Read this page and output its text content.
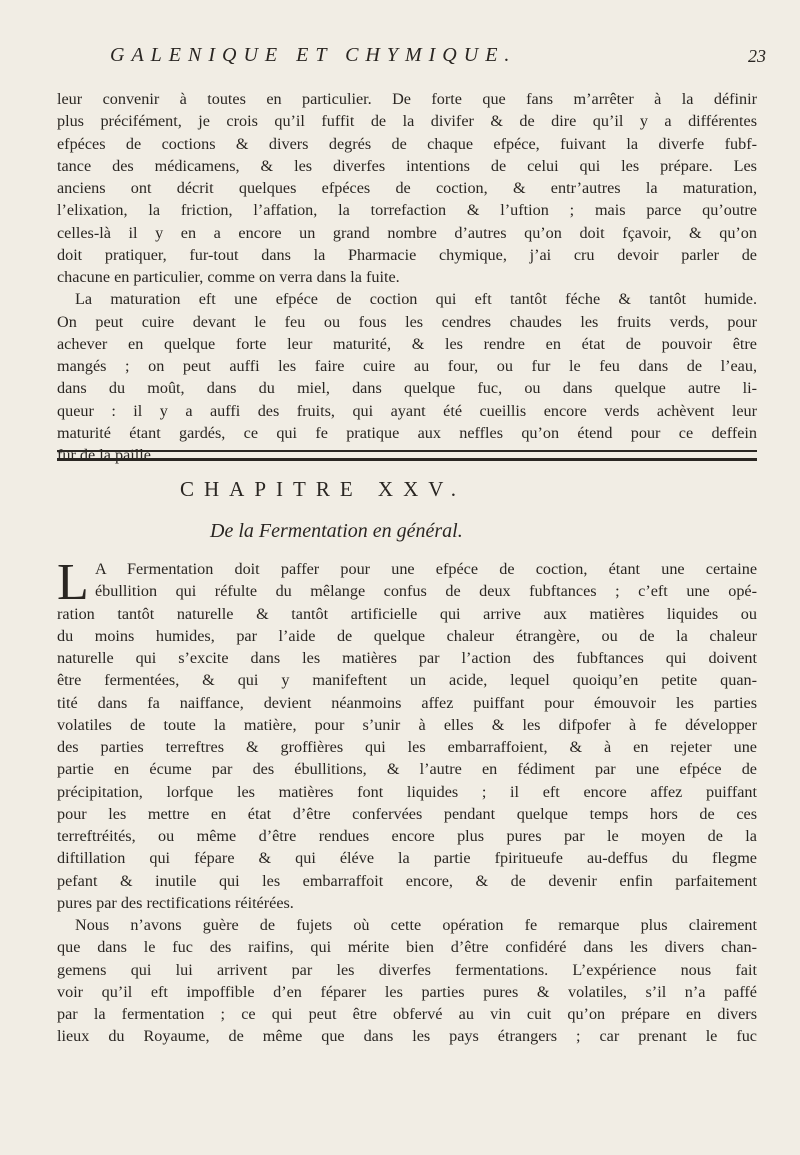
GALENIQUE ET CHYMIQUE.	23
leur convenir à toutes en particulier. De forte que fans m’arrêter à la définir
plus précifément, je crois qu’il fuffit de la divifer & de dire qu’il y a différentes
efpéces de coctions & divers degrés de chaque efpéce, fuivant la diverfe fubf-
tance des médicamens, & les diverfes intentions de celui qui les prépare. Les
anciens ont décrit quelques efpéces de coction, & entr’autres la maturation,
l’elixation, la friction, l’affation, la torrefaction & l’uftion ; mais parce qu’outre
celles-là il y en a encore un grand nombre d’autres qu’on doit fçavoir, & qu’on
doit pratiquer, fur-tout dans la Pharmacie chymique, j’ai cru devoir parler de
chacune en particulier, comme on verra dans la fuite.
La maturation eft une efpéce de coction qui eft tantôt féche & tantôt humide.
On peut cuire devant le feu ou fous les cendres chaudes les fruits verds, pour
achever en quelque forte leur maturité, & les rendre en état de pouvoir être
mangés ; on peut auffi les faire cuire au four, ou fur le feu dans de l’eau,
dans du moût, dans du miel, dans quelque fuc, ou dans quelque autre li-
queur : il y a auffi des fruits, qui ayant été cueillis encore verds achèvent leur
maturité étant gardés, ce qui fe pratique aux neffles qu’on étend pour ce deffein
fur de la paille.
CHAPITRE XXV.
De la Fermentation en général.
L A Fermentation doit paffer pour une efpéce de coction, étant une certaine
ébullition qui réfulte du mêlange confus de deux fubftances ; c’eft une opé-
ration tantôt naturelle & tantôt artificielle qui arrive aux matières liquides ou
du moins humides, par l’aide de quelque chaleur étrangère, ou de la chaleur
naturelle qui s’excite dans les matières par l’action des fubftances qui doivent
être fermentées, & qui y manifeftent un acide, lequel quoiqu’en petite quan-
tité dans fa naiffance, devient néanmoins affez puiffant pour émouvoir les parties
volatiles de toute la matière, pour s’unir à elles & les difpofer à fe développer
des parties terreftres & groffières qui les embarraffoient, & à en rejeter une
partie en écume par des ébullitions, & l’autre en fédiment par une efpéce de
précipitation, lorfque les matières font liquides ; il eft encore affez puiffant
pour les mettre en état d’être confervées pendant quelque temps hors de ces
terreftréités, ou même d’être rendues encore plus pures par le moyen de la
diftillation qui fépare & qui éléve la partie fpiritueufe au-deffus du flegme
pefant & inutile qui les embarraffoit encore, & de devenir enfin parfaitement
pures par des rectifications réitérées.
Nous n’avons guère de fujets où cette opération fe remarque plus clairement
que dans le fuc des raifins, qui mérite bien d’être confidéré dans les divers chan-
gemens qui lui arrivent par les diverfes fermentations. L’expérience nous fait
voir qu’il eft impoffible d’en féparer les parties pures & volatiles, s’il n’a paffé
par la fermentation ; ce qui peut être obfervé au vin cuit qu’on prépare en divers
lieux du Royaume, de même que dans les pays étrangers ; car prenant le fuc
